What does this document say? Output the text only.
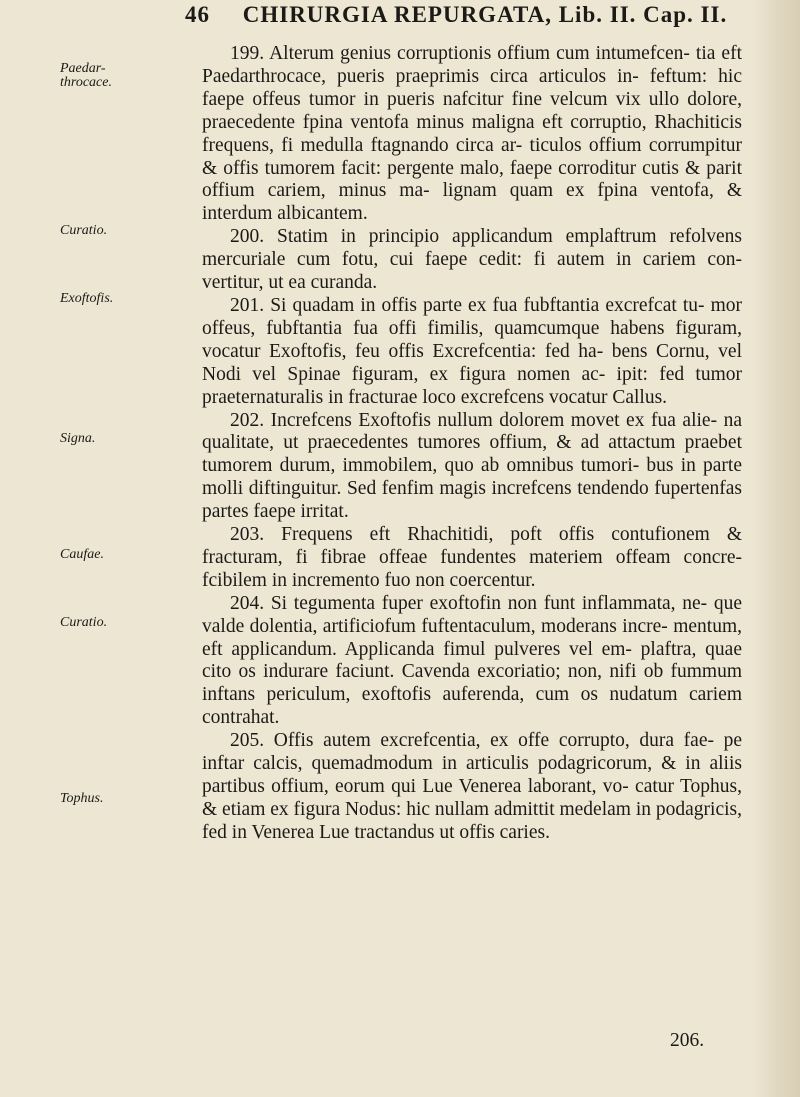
46 CHIRURGIA REPURGATA, Lib. II. Cap. II.
Paedar-
throcace.
Curatio.
Exoftofis.
Signa.
Caufae.
Curatio.
Tophus.

199. Alterum genius corruptionis offium cum intumefcen- tia eft Paedarthrocace, pueris praeprimis circa articulos in- feftum: hic faepe offeus tumor in pueris nafcitur fine velcum vix ullo dolore, praecedente fpina ventofa minus maligna eft corruptio, Rhachiticis frequens, fi medulla ftagnando circa ar- ticulos offium corrumpitur & offis tumorem facit: pergente malo, faepe corroditur cutis & parit offium cariem, minus ma- lignam quam ex fpina ventofa, & interdum albicantem.

200. Statim in principio applicandum emplaftrum refolvens mercuriale cum fotu, cui faepe cedit: fi autem in cariem con- vertitur, ut ea curanda.

201. Si quadam in offis parte ex fua fubftantia excrefcat tu- mor offeus, fubftantia fua offi fimilis, quamcumque habens figuram, vocatur Exoftofis, feu offis Excrefcentia: fed ha- bens Cornu, vel Nodi vel Spinae figuram, ex figura nomen ac- ipit: fed tumor praeternaturalis in fracturae loco excrefcens vocatur Callus.

202. Increfcens Exoftofis nullum dolorem movet ex fua alie- na qualitate, ut praecedentes tumores offium, & ad attactum praebet tumorem durum, immobilem, quo ab omnibus tumori- bus in parte molli diftinguitur. Sed fenfim magis increfcens tendendo fupertenfas partes faepe irritat.

203. Frequens eft Rhachitidi, poft offis contufionem & fracturam, fi fibrae offeae fundentes materiem offeam concre- fcibilem in incremento fuo non coercentur.

204. Si tegumenta fuper exoftofin non funt inflammata, ne- que valde dolentia, artificiofum fuftentaculum, moderans incre- mentum, eft applicandum. Applicanda fimul pulveres vel em- plaftra, quae cito os indurare faciunt. Cavenda excoriatio; non, nifi ob fummum inftans periculum, exoftofis auferenda, cum os nudatum cariem contrahat.

205. Offis autem excrefcentia, ex offe corrupto, dura fae- pe inftar calcis, quemadmodum in articulis podagricorum, & in aliis partibus offium, eorum qui Lue Venerea laborant, vo- catur Tophus, & etiam ex figura Nodus: hic nullam admittit medelam in podagricis, fed in Venerea Lue tractandus ut offis caries.

206.
